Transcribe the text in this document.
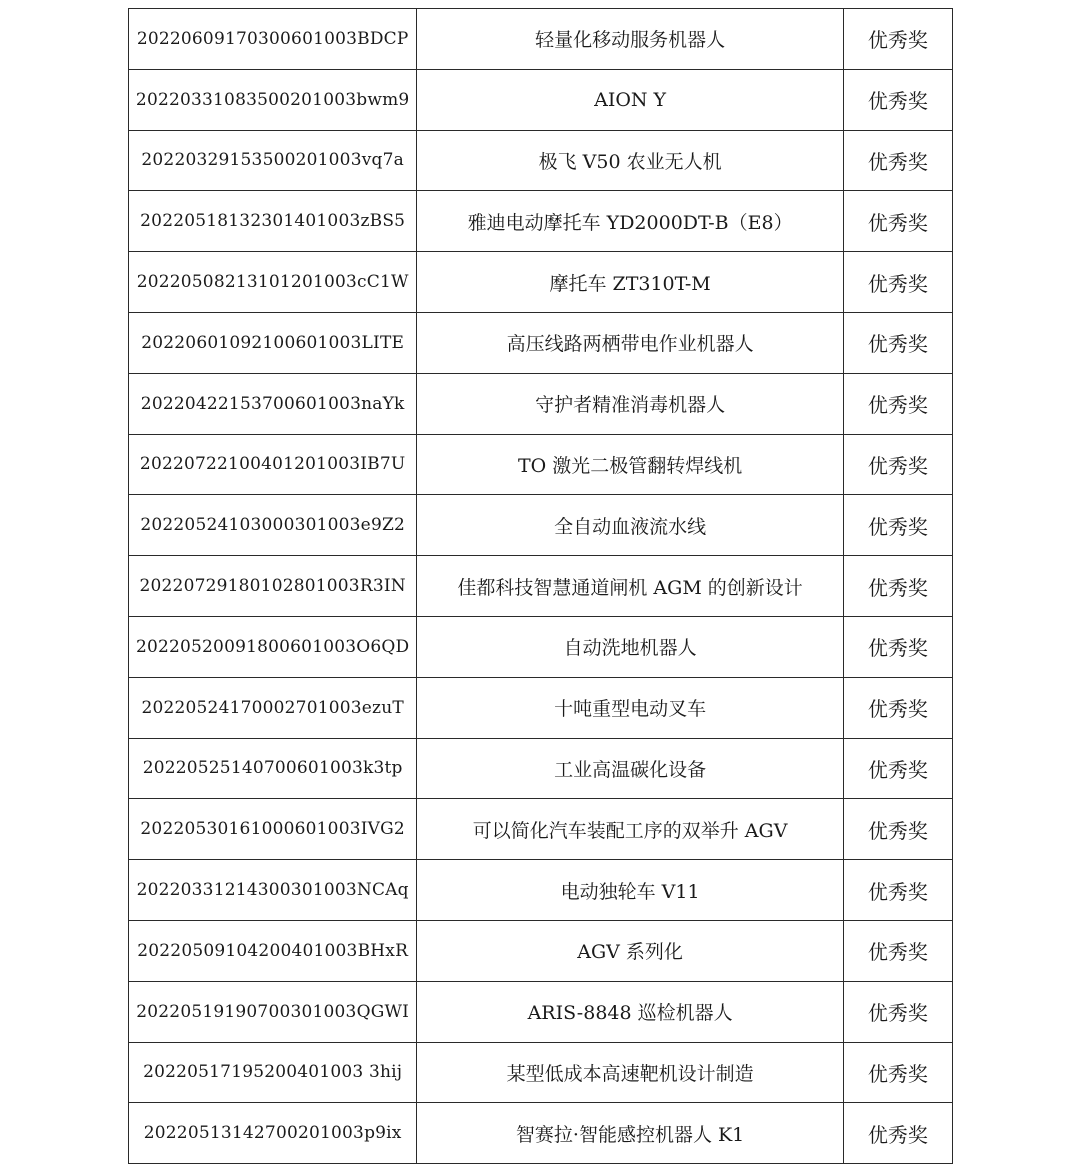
20220609170300601003BDCP	轻量化移动服务机器人	优秀奖
20220331083500201003bwm9	AION Y	优秀奖
20220329153500201003vq7a	极飞 V50 农业无人机	优秀奖
20220518132301401003zBS5	雅迪电动摩托车 YD2000DT-B（E8）	优秀奖
20220508213101201003cC1W	摩托车 ZT310T-M	优秀奖
20220601092100601003LITE	高压线路两栖带电作业机器人	优秀奖
20220422153700601003naYk	守护者精准消毒机器人	优秀奖
20220722100401201003IB7U	TO 激光二极管翻转焊线机	优秀奖
20220524103000301003e9Z2	全自动血液流水线	优秀奖
20220729180102801003R3IN	佳都科技智慧通道闸机 AGM 的创新设计	优秀奖
20220520091800601003O6QD	自动洗地机器人	优秀奖
20220524170002701003ezuT	十吨重型电动叉车	优秀奖
20220525140700601003k3tp	工业高温碳化设备	优秀奖
20220530161000601003IVG2	可以简化汽车装配工序的双举升 AGV	优秀奖
20220331214300301003NCAq	电动独轮车 V11	优秀奖
20220509104200401003BHxR	AGV 系列化	优秀奖
20220519190700301003QGWI	ARIS-8848 巡检机器人	优秀奖
20220517195200401003 3hij	某型低成本高速靶机设计制造	优秀奖
20220513142700201003p9ix	智赛拉·智能感控机器人 K1	优秀奖
